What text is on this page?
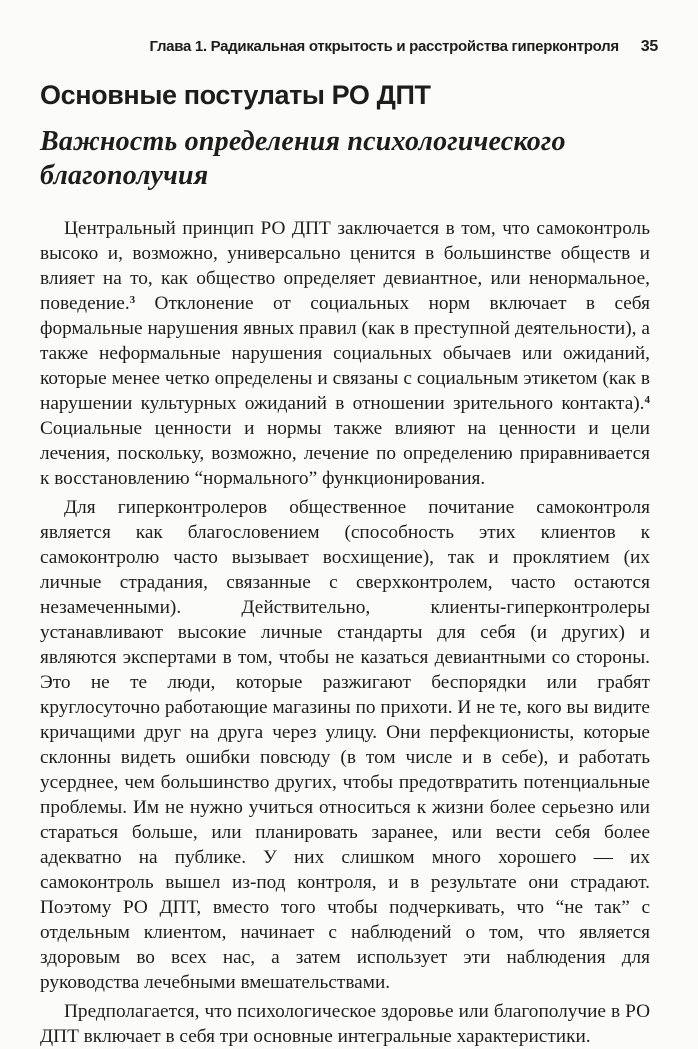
Глава 1. Радикальная открытость и расстройства гиперконтроля 35
Основные постулаты РО ДПТ
Важность определения психологического благополучия

Центральный принцип РО ДПТ заключается в том, что самоконтроль высоко и, возможно, универсально ценится в большинстве обществ и влияет на то, как общество определяет девиантное, или ненормальное, поведение.$^3$ Отклонение от социальных норм включает в себя формальные нарушения явных правил (как в преступной деятельности), а также неформальные нарушения социальных обычаев или ожиданий, которые менее четко определены и связаны с социальным этикетом (как в нарушении культурных ожиданий в отношении зрительного контакта).$^4$ Социальные ценности и нормы также влияют на ценности и цели лечения, поскольку, возможно, лечение по определению приравнивается к восстановлению “нормального” функционирования.

Для гиперконтролеров общественное почитание самоконтроля является как благословением (способность этих клиентов к самоконтролю часто вызывает восхищение), так и проклятием (их личные страдания, связанные с сверхконтролем, часто остаются незамеченными). Действительно, клиенты-гиперконтролеры устанавливают высокие личные стандарты для себя (и других) и являются экспертами в том, чтобы не казаться девиантными со стороны. Это не те люди, которые разжигают беспорядки или грабят круглосуточно работающие магазины по прихоти. И не те, кого вы видите кричащими друг на друга через улицу. Они перфекционисты, которые склонны видеть ошибки повсюду (в том числе и в себе), и работать усерднее, чем большинство других, чтобы предотвратить потенциальные проблемы. Им не нужно учиться относиться к жизни более серьезно или стараться больше, или планировать заранее, или вести себя более адекватно на публике. У них слишком много хорошего — их самоконтроль вышел из-под контроля, и в результате они страдают. Поэтому РО ДПТ, вместо того чтобы подчеркивать, что “не так” с отдельным клиентом, начинает с наблюдений о том, что является здоровым во всех нас, а затем использует эти наблюдения для руководства лечебными вмешательствами.

Предполагается, что психологическое здоровье или благополучие в РО ДПТ включает в себя три основные интегральные характеристики.
